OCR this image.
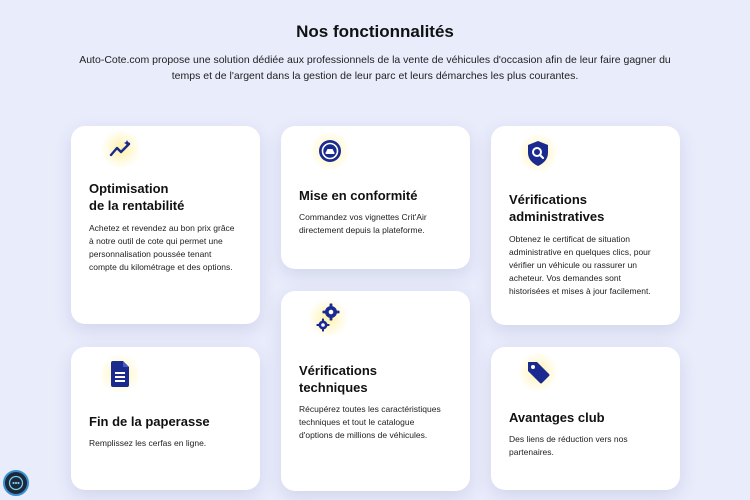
Nos fonctionnalités
Auto-Cote.com propose une solution dédiée aux professionnels de la vente de véhicules d'occasion afin de leur faire gagner du temps et de l'argent dans la gestion de leur parc et leurs démarches les plus courantes.
Optimisation
de la rentabilité
Achetez et revendez au bon prix grâce à notre outil de cote qui permet une personnalisation poussée tenant compte du kilométrage et des options.
Mise en conformité
Commandez vos vignettes Crit'Air directement depuis la plateforme.
Vérifications
administratives
Obtenez le certificat de situation administrative en quelques clics, pour vérifier un véhicule ou rassurer un acheteur. Vos demandes sont historisées et mises à jour facilement.
Vérifications
techniques
Récupérez toutes les caractéristiques techniques et tout le catalogue d'options de millions de véhicules.
Fin de la paperasse
Remplissez les cerfas en ligne.
Avantages club
Des liens de réduction vers nos partenaires.
